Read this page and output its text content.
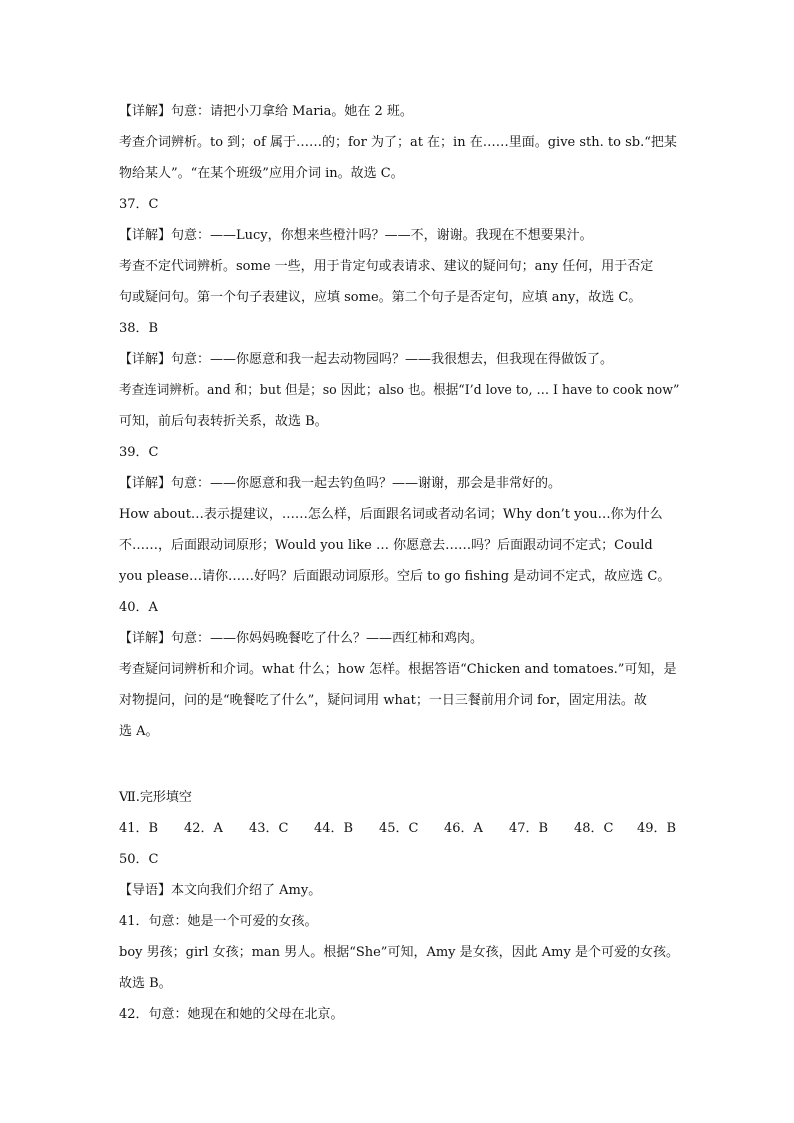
【详解】句意：请把小刀拿给 Maria。她在 2 班。
考查介词辨析。to 到；of 属于……的；for 为了；at 在；in 在……里面。give sth. to sb.“把某
物给某人”。“在某个班级”应用介词 in。故选 C。
37．C
【详解】句意：——Lucy，你想来些橙汁吗？——不，谢谢。我现在不想要果汁。
考查不定代词辨析。some 一些，用于肯定句或表请求、建议的疑问句；any 任何，用于否定
句或疑问句。第一个句子表建议，应填 some。第二个句子是否定句，应填 any，故选 C。
38．B
【详解】句意：——你愿意和我一起去动物园吗？——我很想去，但我现在得做饭了。
考查连词辨析。and 和；but 但是；so 因此；also 也。根据“I’d love to, … I have to cook now”
可知，前后句表转折关系，故选 B。
39．C
【详解】句意：——你愿意和我一起去钓鱼吗？——谢谢，那会是非常好的。
How about…表示提建议，……怎么样，后面跟名词或者动名词；Why don’t you…你为什么
不……，后面跟动词原形；Would you like … 你愿意去……吗？后面跟动词不定式；Could
you please…请你……好吗？后面跟动词原形。空后 to go fishing 是动词不定式，故应选 C。
40．A
【详解】句意：——你妈妈晚餐吃了什么？——西红柿和鸡肉。
考查疑问词辨析和介词。what 什么；how 怎样。根据答语“Chicken and tomatoes.”可知，是
对物提问，问的是“晚餐吃了什么”，疑问词用 what；一日三餐前用介词 for，固定用法。故
选 A。
Ⅶ.完形填空
41．B 42．A 43．C 44．B 45．C 46．A 47．B 48．C 49．B
50．C
【导语】本文向我们介绍了 Amy。
41．句意：她是一个可爱的女孩。
boy 男孩；girl 女孩；man 男人。根据“She”可知，Amy 是女孩，因此 Amy 是个可爱的女孩。
故选 B。
42．句意：她现在和她的父母在北京。
